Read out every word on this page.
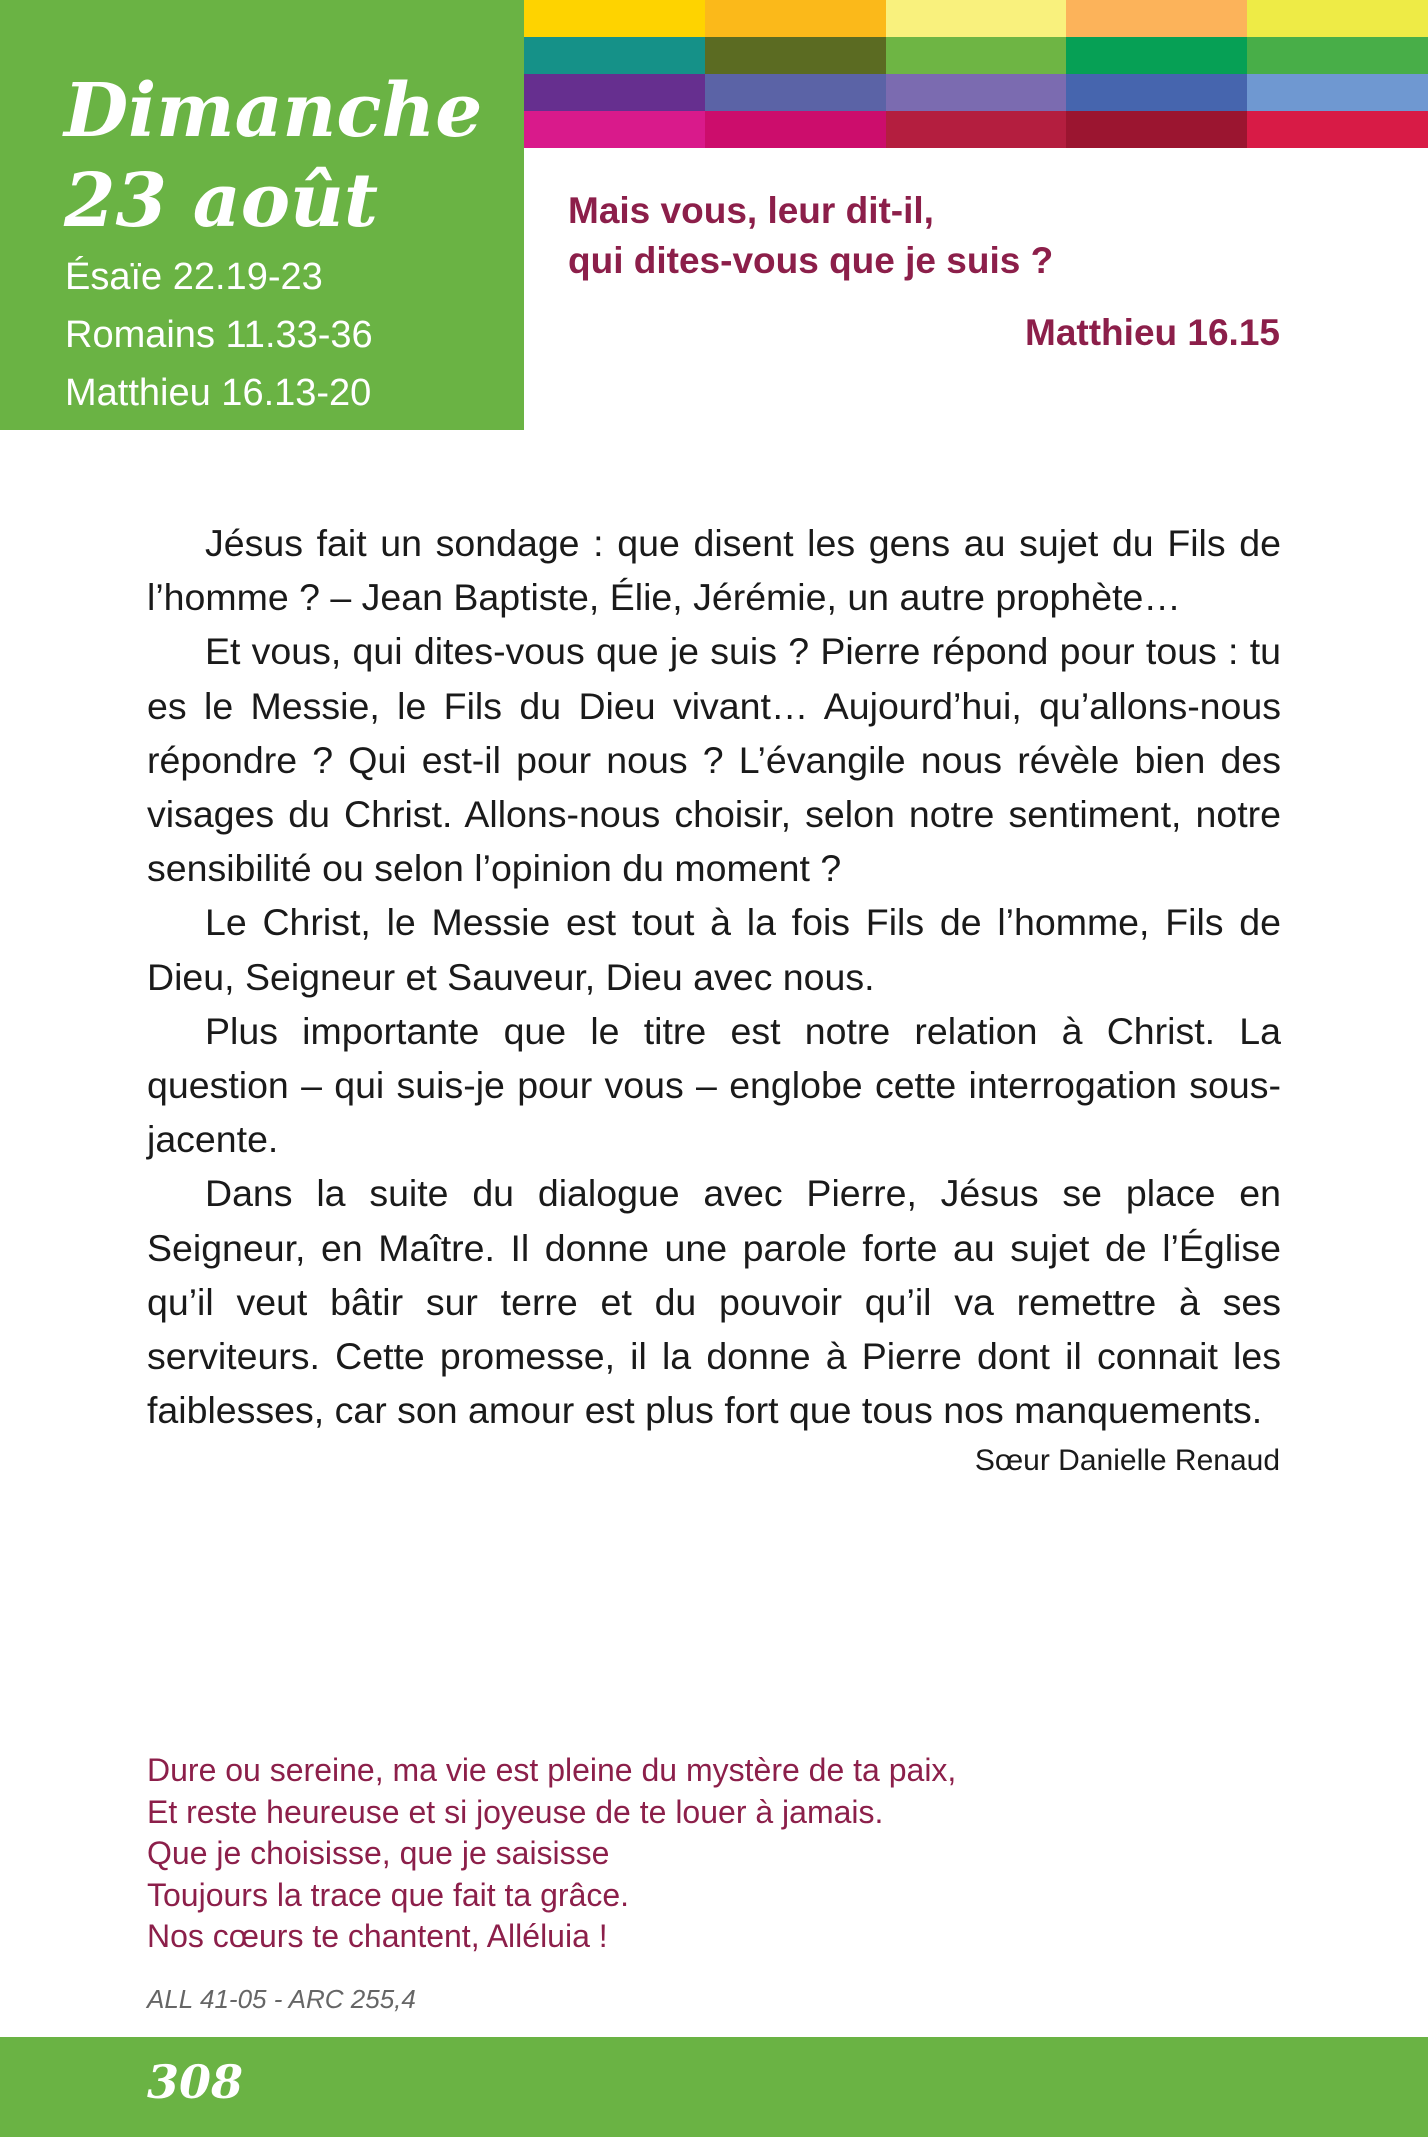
Dimanche
23 août
Ésaïe 22.19-23
Romains 11.33-36
Matthieu 16.13-20
Mais vous, leur dit-il,
qui dites-vous que je suis ?
Matthieu 16.15

Jésus fait un sondage : que disent les gens au sujet du Fils de l’homme ? – Jean Baptiste, Élie, Jérémie, un autre prophète…

Et vous, qui dites-vous que je suis ? Pierre répond pour tous : tu es le Messie, le Fils du Dieu vivant… Aujourd’hui, qu’allons-nous répondre ? Qui est-il pour nous ? L’évangile nous révèle bien des visages du Christ. Allons-nous choisir, selon notre sentiment, notre sensibilité ou selon l’opinion du moment ?

Le Christ, le Messie est tout à la fois Fils de l’homme, Fils de Dieu, Seigneur et Sauveur, Dieu avec nous.

Plus importante que le titre est notre relation à Christ. La question – qui suis-je pour vous – englobe cette interrogation sous-jacente.

Dans la suite du dialogue avec Pierre, Jésus se place en Seigneur, en Maître. Il donne une parole forte au sujet de l’Église qu’il veut bâtir sur terre et du pouvoir qu’il va remettre à ses serviteurs. Cette promesse, il la donne à Pierre dont il connait les faiblesses, car son amour est plus fort que tous nos manquements.

Sœur Danielle Renaud
Dure ou sereine, ma vie est pleine du mystère de ta paix,
Et reste heureuse et si joyeuse de te louer à jamais.
Que je choisisse, que je saisisse
Toujours la trace que fait ta grâce.
Nos cœurs te chantent, Alléluia !
ALL 41-05 - ARC 255,4
308
